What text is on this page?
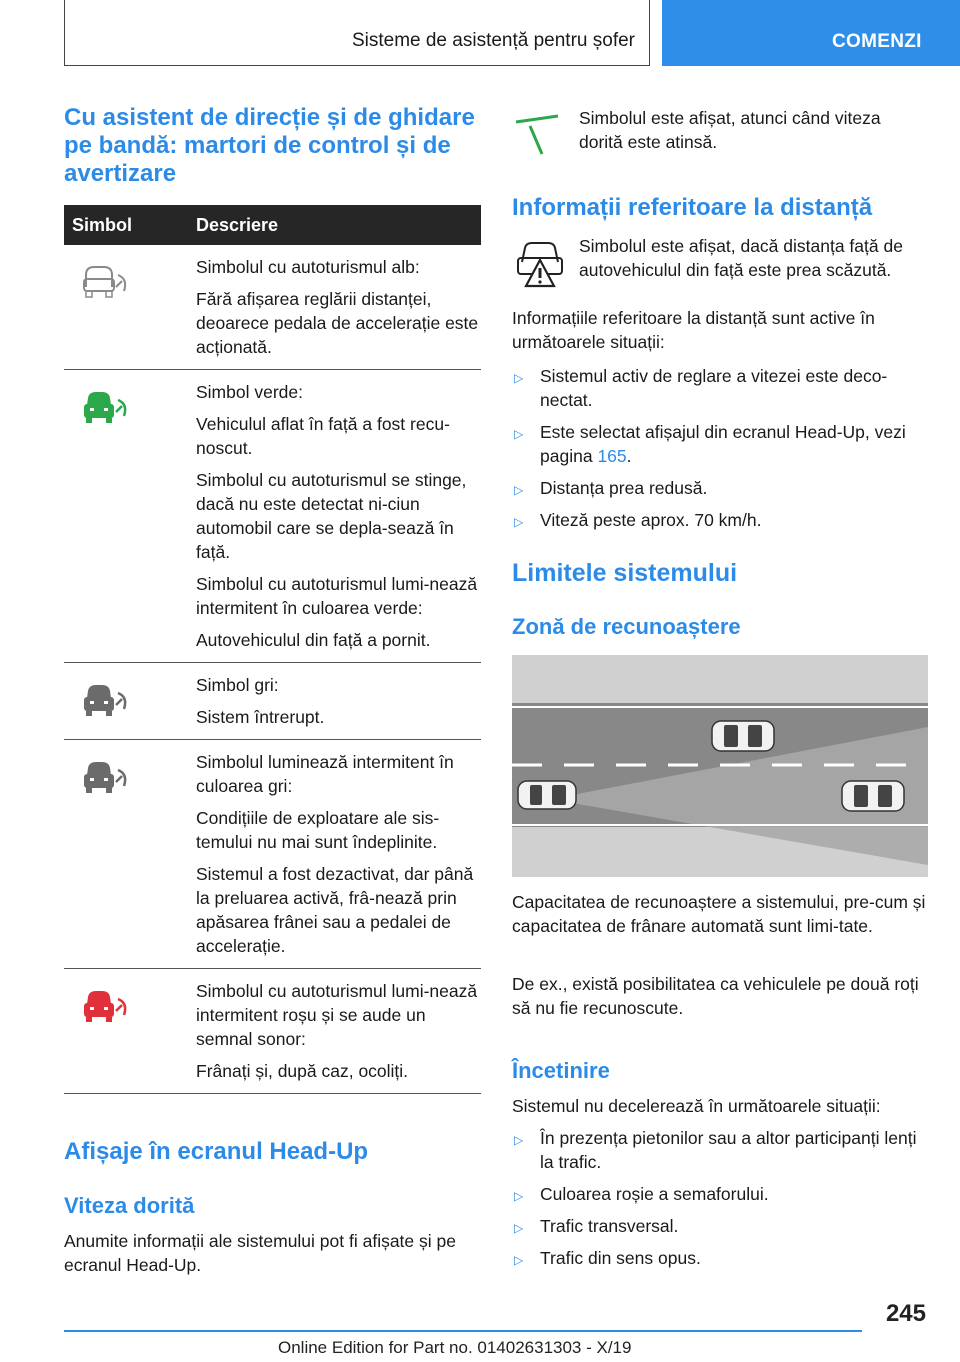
Sisteme de asistență pentru șofer	COMENZI
Cu asistent de direcție și de ghidare pe bandă: martori de control și de avertizare
Simbol	Descriere

Simbolul cu autoturismul alb:

Fără afișarea reglării distanței, deoarece pedala de accelerație este acționată.

Simbol verde:

Vehiculul aflat în față a fost recu-noscut.

Simbolul cu autoturismul se stinge, dacă nu este detectat ni-ciun automobil care se depla-sează în față.

Simbolul cu autoturismul lumi-nează intermitent în culoarea verde:

Autovehiculul din față a pornit.

Simbol gri:

Sistem întrerupt.

Simbolul luminează intermitent în culoarea gri:

Condițiile de exploatare ale sis-temului nu mai sunt îndeplinite.

Sistemul a fost dezactivat, dar până la preluarea activă, frâ-nează prin apăsarea frânei sau a pedalei de accelerație.

Simbolul cu autoturismul lumi-nează intermitent roșu și se aude un semnal sonor:

Frânați și, după caz, ocoliți.

Afișaje în ecranul Head-Up
Viteza dorită

Anumite informații ale sistemului pot fi afișate și pe ecranul Head-Up.

Simbolul este afișat, atunci când viteza dorită este atinsă.

Informații referitoare la distanță

Simbolul este afișat, dacă distanța față de autovehiculul din față este prea scăzută.

Informațiile referitoare la distanță sunt active în următoarele situații:

▷ Sistemul activ de reglare a vitezei este deco-nectat.
▷ Este selectat afișajul din ecranul Head-Up, vezi pagina 165.
▷ Distanța prea redusă.
▷ Viteză peste aprox. 70 km/h.
Limitele sistemului
Zonă de recunoaștere

Capacitatea de recunoaștere a sistemului, pre-cum și capacitatea de frânare automată sunt limi-tate.

De ex., există posibilitatea ca vehiculele pe două roți să nu fie recunoscute.

Încetinire

Sistemul nu decelerează în următoarele situații:

▷ În prezența pietonilor sau a altor participanți lenți la trafic.
▷ Culoarea roșie a semaforului.
▷ Trafic transversal.
▷ Trafic din sens opus.
245
Online Edition for Part no. 01402631303 - X/19
